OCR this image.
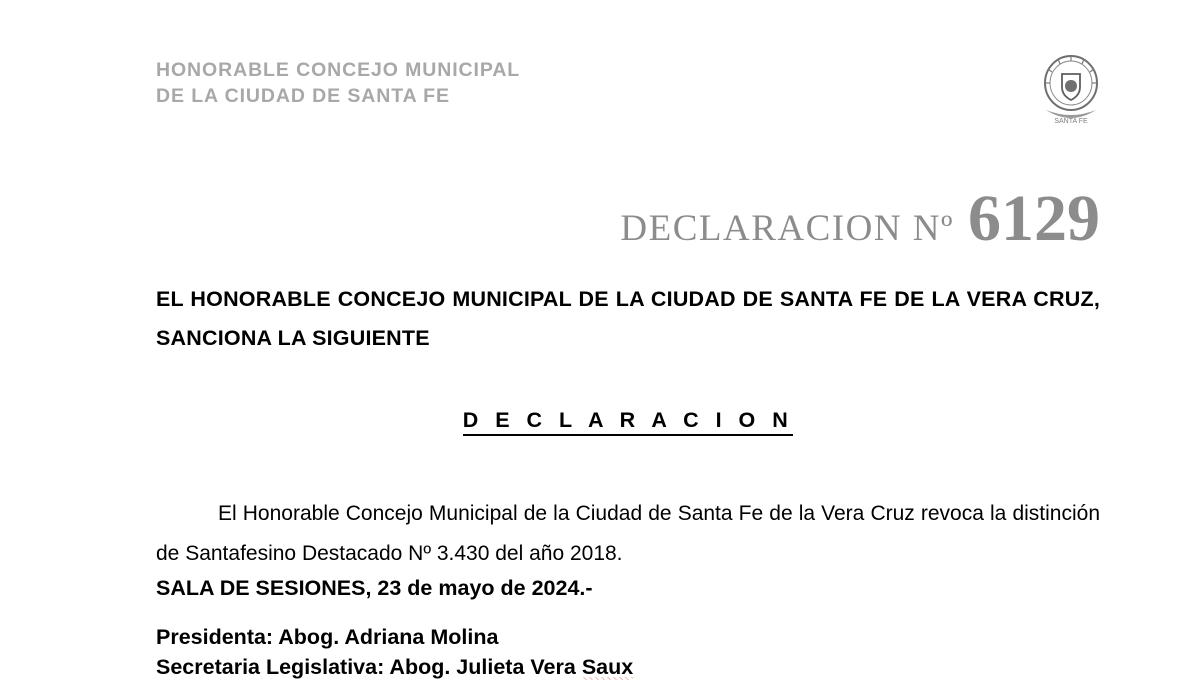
HONORABLE CONCEJO MUNICIPAL
DE LA CIUDAD DE SANTA FE
SANTA FE
DECLARACION Nº 6129
EL HONORABLE CONCEJO MUNICIPAL DE LA CIUDAD DE SANTA FE DE LA VERA CRUZ, SANCIONA LA SIGUIENTE
D E C L A R A C I O N

El Honorable Concejo Municipal de la Ciudad de Santa Fe de la Vera Cruz revoca la distinción de Santafesino Destacado Nº 3.430 del año 2018.

SALA DE SESIONES, 23 de mayo de 2024.-
Presidenta: Abog. Adriana Molina
Secretaria Legislativa: Abog. Julieta Vera Saux
